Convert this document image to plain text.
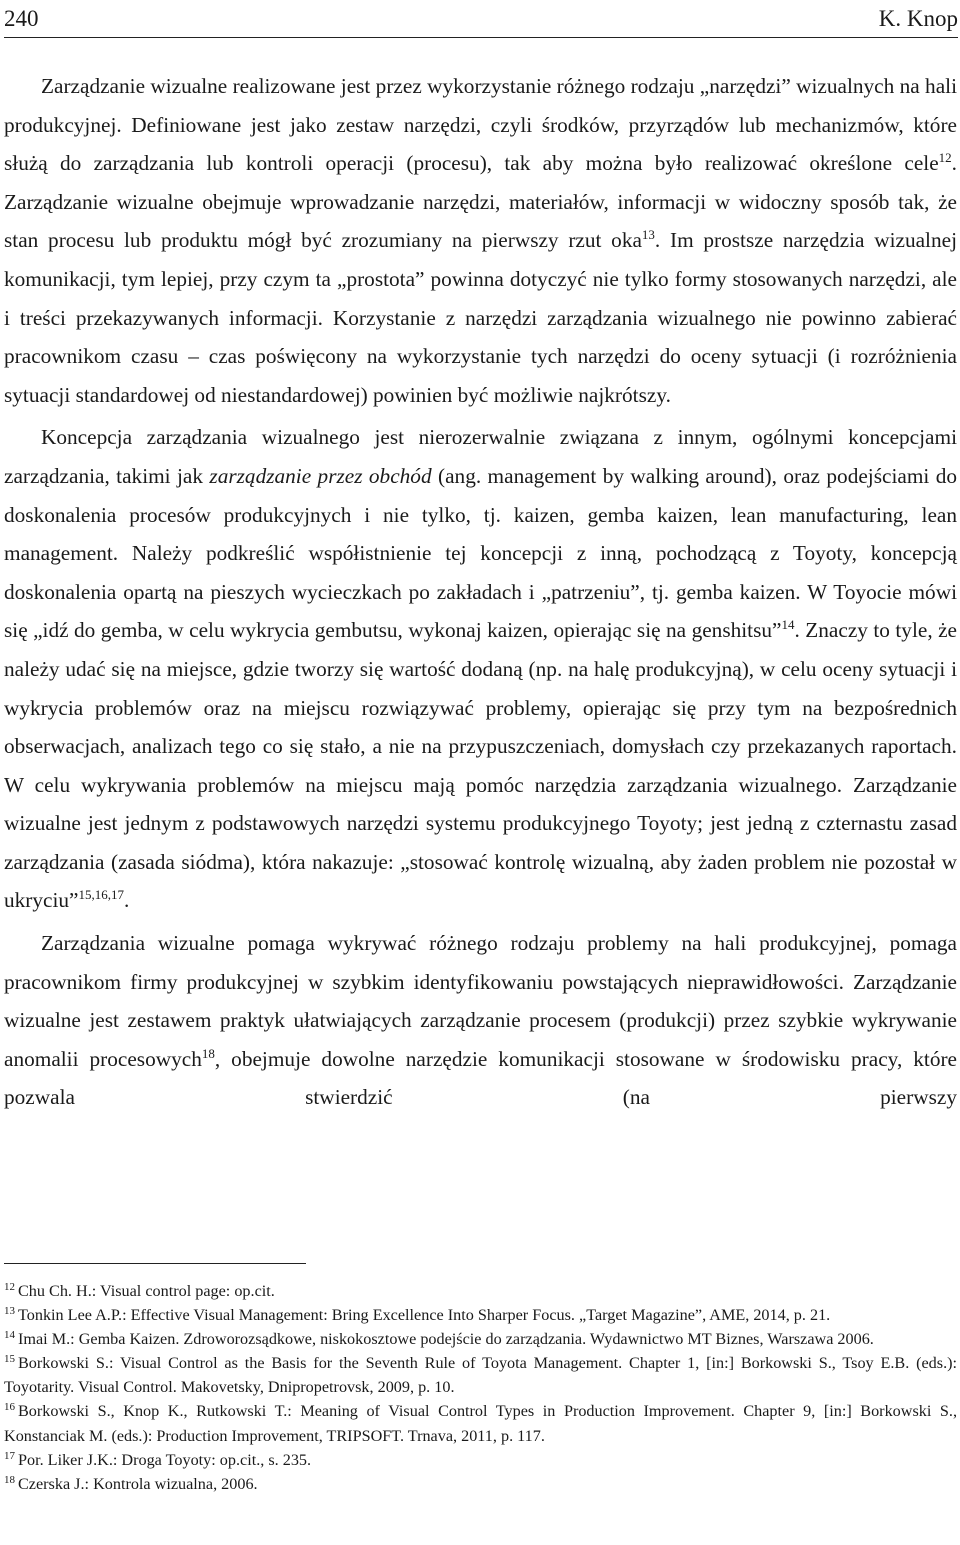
240	K. Knop

Zarządzanie wizualne realizowane jest przez wykorzystanie różnego rodzaju „narzędzi” wizualnych na hali produkcyjnej. Definiowane jest jako zestaw narzędzi, czyli środków, przyrządów lub mechanizmów, które służą do zarządzania lub kontroli operacji (procesu), tak aby można było realizować określone cele$^{12}$. Zarządzanie wizualne obejmuje wprowadzanie narzędzi, materiałów, informacji w widoczny sposób tak, że stan procesu lub produktu mógł być zrozumiany na pierwszy rzut oka$^{13}$. Im prostsze narzędzia wizualnej komunikacji, tym lepiej, przy czym ta „prostota” powinna dotyczyć nie tylko formy stosowanych narzędzi, ale i treści przekazywanych informacji. Korzystanie z narzędzi zarządzania wizualnego nie powinno zabierać pracownikom czasu – czas poświęcony na wykorzystanie tych narzędzi do oceny sytuacji (i rozróżnienia sytuacji standardowej od niestandardowej) powinien być możliwie najkrótszy.

Koncepcja zarządzania wizualnego jest nierozerwalnie związana z innym, ogólnymi koncepcjami zarządzania, takimi jak zarządzanie przez obchód (ang. management by walking around), oraz podejściami do doskonalenia procesów produkcyjnych i nie tylko, tj. kaizen, gemba kaizen, lean manufacturing, lean management. Należy podkreślić współistnienie tej koncepcji z inną, pochodzącą z Toyoty, koncepcją doskonalenia opartą na pieszych wycieczkach po zakładach i „patrzeniu”, tj. gemba kaizen. W Toyocie mówi się „idź do gemba, w celu wykrycia gembutsu, wykonaj kaizen, opierając się na genshitsu”$^{14}$. Znaczy to tyle, że należy udać się na miejsce, gdzie tworzy się wartość dodaną (np. na halę produkcyjną), w celu oceny sytuacji i wykrycia problemów oraz na miejscu rozwiązywać problemy, opierając się przy tym na bezpośrednich obserwacjach, analizach tego co się stało, a nie na przypuszczeniach, domysłach czy przekazanych raportach. W celu wykrywania problemów na miejscu mają pomóc narzędzia zarządzania wizualnego. Zarządzanie wizualne jest jednym z podstawowych narzędzi systemu produkcyjnego Toyoty; jest jedną z czternastu zasad zarządzania (zasada siódma), która nakazuje: „stosować kontrolę wizualną, aby żaden problem nie pozostał w ukryciu”$^{15,16,17}$.

Zarządzania wizualne pomaga wykrywać różnego rodzaju problemy na hali produkcyjnej, pomaga pracownikom firmy produkcyjnej w szybkim identyfikowaniu powstających nieprawidłowości. Zarządzanie wizualne jest zestawem praktyk ułatwiających zarządzanie procesem (produkcji) przez szybkie wykrywanie anomalii procesowych$^{18}$, obejmuje dowolne narzędzie komunikacji stosowane w środowisku pracy, które pozwala stwierdzić (na pierwszy

$^{12}$ Chu Ch. H.: Visual control page: op.cit.

$^{13}$ Tonkin Lee A.P.: Effective Visual Management: Bring Excellence Into Sharper Focus. „Target Magazine”, AME, 2014, p. 21.

$^{14}$ Imai M.: Gemba Kaizen. Zdroworozsądkowe, niskokosztowe podejście do zarządzania. Wydawnictwo MT Biznes, Warszawa 2006.

$^{15}$ Borkowski S.: Visual Control as the Basis for the Seventh Rule of Toyota Management. Chapter 1, [in:] Borkowski S., Tsoy E.B. (eds.): Toyotarity. Visual Control. Makovetsky, Dnipropetrovsk, 2009, p. 10.

$^{16}$ Borkowski S., Knop K., Rutkowski T.: Meaning of Visual Control Types in Production Improvement. Chapter 9, [in:] Borkowski S., Konstanciak M. (eds.): Production Improvement, TRIPSOFT. Trnava, 2011, p. 117.

$^{17}$ Por. Liker J.K.: Droga Toyoty: op.cit., s. 235.

$^{18}$ Czerska J.: Kontrola wizualna, 2006.
